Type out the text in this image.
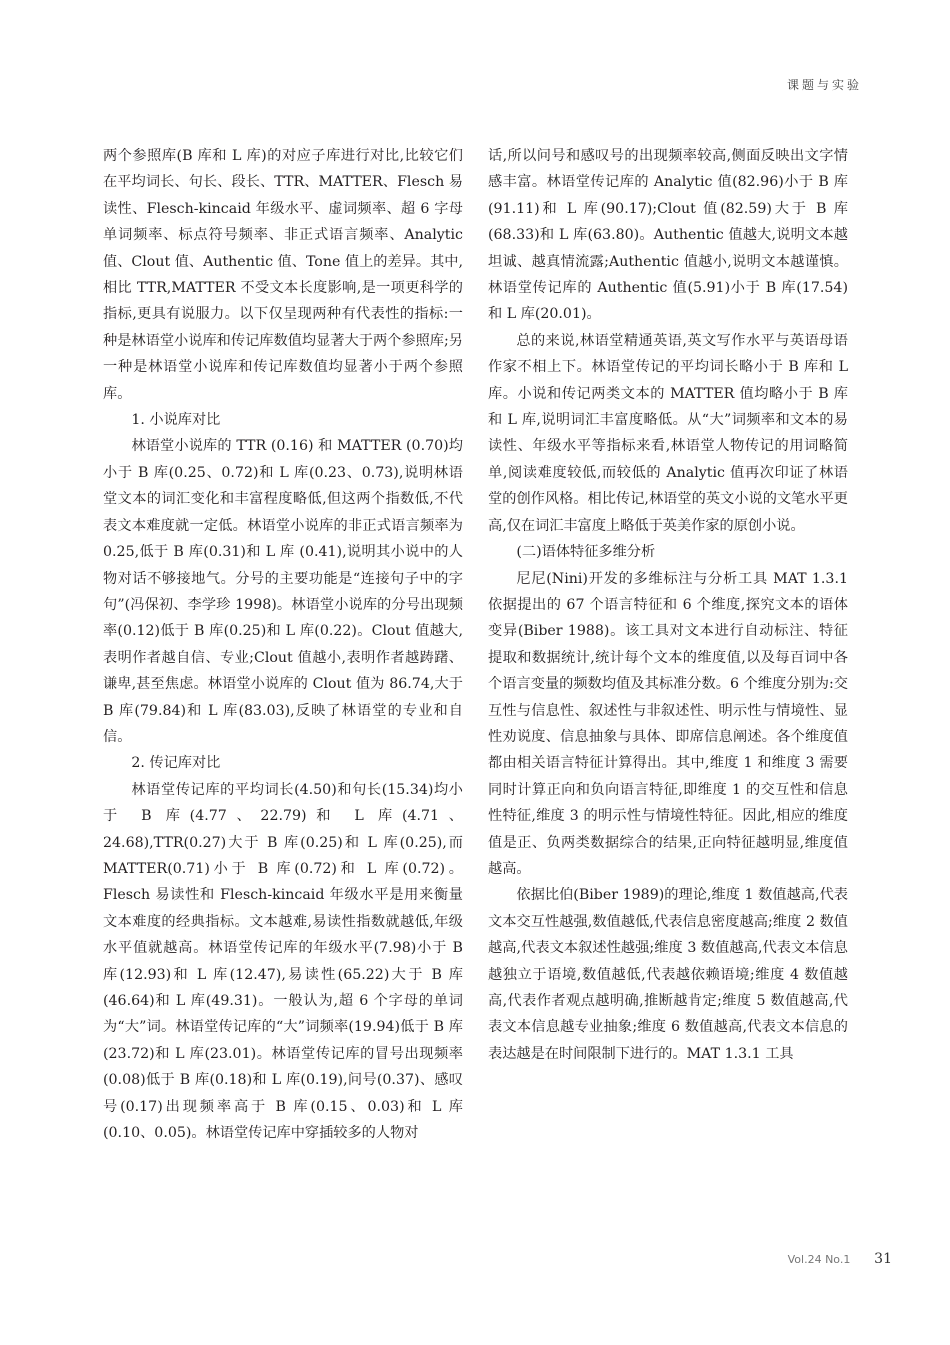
课题与实验

两个参照库(B 库和 L 库)的对应子库进行对比,比较它们在平均词长、句长、段长、TTR、MATTER、Flesch 易读性、Flesch-kincaid 年级水平、虚词频率、超 6 字母单词频率、标点符号频率、非正式语言频率、Analytic 值、Clout 值、Authentic 值、Tone 值上的差异。其中,相比 TTR,MATTER 不受文本长度影响,是一项更科学的指标,更具有说服力。以下仅呈现两种有代表性的指标:一种是林语堂小说库和传记库数值均显著大于两个参照库;另一种是林语堂小说库和传记库数值均显著小于两个参照库。

1. 小说库对比

林语堂小说库的 TTR (0.16) 和 MATTER (0.70)均小于 B 库(0.25、0.72)和 L 库(0.23、0.73),说明林语堂文本的词汇变化和丰富程度略低,但这两个指数低,不代表文本难度就一定低。林语堂小说库的非正式语言频率为 0.25,低于 B 库(0.31)和 L 库 (0.41),说明其小说中的人物对话不够接地气。分号的主要功能是“连接句子中的字句”(冯保初、李学珍 1998)。林语堂小说库的分号出现频率(0.12)低于 B 库(0.25)和 L 库(0.22)。Clout 值越大,表明作者越自信、专业;Clout 值越小,表明作者越踌躇、谦卑,甚至焦虑。林语堂小说库的 Clout 值为 86.74,大于 B 库(79.84)和 L 库(83.03),反映了林语堂的专业和自信。

2. 传记库对比

林语堂传记库的平均词长(4.50)和句长(15.34)均小于 B 库(4.77、22.79)和 L 库(4.71、24.68),TTR(0.27)大于 B 库(0.25)和 L 库(0.25),而 MATTER(0.71)小于 B 库(0.72)和 L 库(0.72)。Flesch 易读性和 Flesch-kincaid 年级水平是用来衡量文本难度的经典指标。文本越难,易读性指数就越低,年级水平值就越高。林语堂传记库的年级水平(7.98)小于 B 库(12.93)和 L 库(12.47),易读性(65.22)大于 B 库(46.64)和 L 库(49.31)。一般认为,超 6 个字母的单词为“大”词。林语堂传记库的“大”词频率(19.94)低于 B 库(23.72)和 L 库(23.01)。林语堂传记库的冒号出现频率(0.08)低于 B 库(0.18)和 L 库(0.19),问号(0.37)、感叹号(0.17)出现频率高于 B 库(0.15、0.03)和 L 库(0.10、0.05)。林语堂传记库中穿插较多的人物对

话,所以问号和感叹号的出现频率较高,侧面反映出文字情感丰富。林语堂传记库的 Analytic 值(82.96)小于 B 库(91.11)和 L 库(90.17);Clout 值(82.59)大于 B 库(68.33)和 L 库(63.80)。Authentic 值越大,说明文本越坦诚、越真情流露;Authentic 值越小,说明文本越谨慎。林语堂传记库的 Authentic 值(5.91)小于 B 库(17.54)和 L 库(20.01)。

总的来说,林语堂精通英语,英文写作水平与英语母语作家不相上下。林语堂传记的平均词长略小于 B 库和 L 库。小说和传记两类文本的 MATTER 值均略小于 B 库和 L 库,说明词汇丰富度略低。从“大”词频率和文本的易读性、年级水平等指标来看,林语堂人物传记的用词略简单,阅读难度较低,而较低的 Analytic 值再次印证了林语堂的创作风格。相比传记,林语堂的英文小说的文笔水平更高,仅在词汇丰富度上略低于英美作家的原创小说。

(二)语体特征多维分析

尼尼(Nini)开发的多维标注与分析工具 MAT 1.3.1 依据提出的 67 个语言特征和 6 个维度,探究文本的语体变异(Biber 1988)。该工具对文本进行自动标注、特征提取和数据统计,统计每个文本的维度值,以及每百词中各个语言变量的频数均值及其标准分数。6 个维度分别为:交互性与信息性、叙述性与非叙述性、明示性与情境性、显性劝说度、信息抽象与具体、即席信息阐述。各个维度值都由相关语言特征计算得出。其中,维度 1 和维度 3 需要同时计算正向和负向语言特征,即维度 1 的交互性和信息性特征,维度 3 的明示性与情境性特征。因此,相应的维度值是正、负两类数据综合的结果,正向特征越明显,维度值越高。

依据比伯(Biber 1989)的理论,维度 1 数值越高,代表文本交互性越强,数值越低,代表信息密度越高;维度 2 数值越高,代表文本叙述性越强;维度 3 数值越高,代表文本信息越独立于语境,数值越低,代表越依赖语境;维度 4 数值越高,代表作者观点越明确,推断越肯定;维度 5 数值越高,代表文本信息越专业抽象;维度 6 数值越高,代表文本信息的表达越是在时间限制下进行的。MAT 1.3.1 工具

Vol.24 No.1 31
